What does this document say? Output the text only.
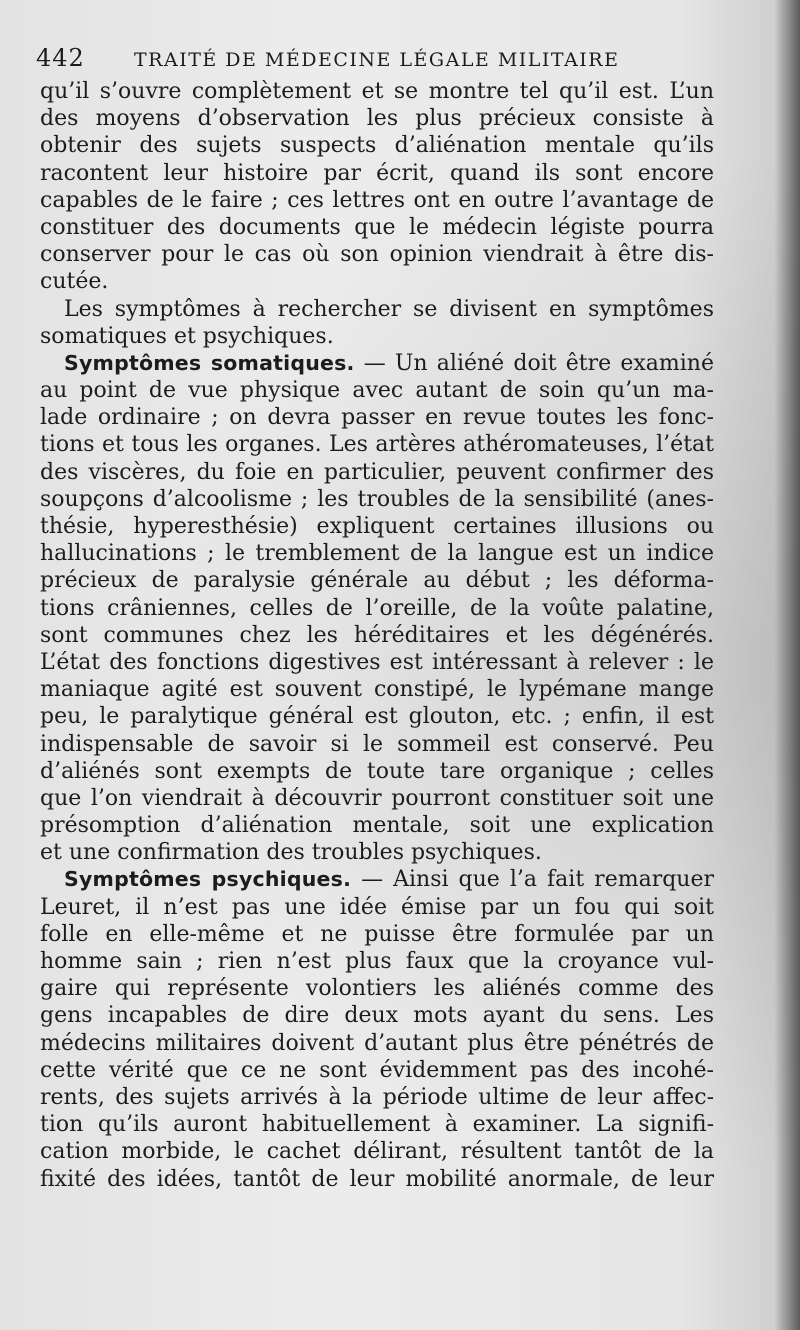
442	TRAITÉ DE MÉDECINE LÉGALE MILITAIRE
qu’il s’ouvre complètement et se montre tel qu’il est. L’un
des moyens d’observation les plus précieux consiste à
obtenir des sujets suspects d’aliénation mentale qu’ils
racontent leur histoire par écrit, quand ils sont encore
capables de le faire ; ces lettres ont en outre l’avantage de
constituer des documents que le médecin légiste pourra
conserver pour le cas où son opinion viendrait à être dis-
cutée.
Les symptômes à rechercher se divisent en symptômes
somatiques et psychiques.
Symptômes somatiques. — Un aliéné doit être examiné
au point de vue physique avec autant de soin qu’un ma-
lade ordinaire ; on devra passer en revue toutes les fonc-
tions et tous les organes. Les artères athéromateuses, l’état
des viscères, du foie en particulier, peuvent confirmer des
soupçons d’alcoolisme ; les troubles de la sensibilité (anes-
thésie, hyperesthésie) expliquent certaines illusions ou
hallucinations ; le tremblement de la langue est un indice
précieux de paralysie générale au début ; les déforma-
tions crâniennes, celles de l’oreille, de la voûte palatine,
sont communes chez les héréditaires et les dégénérés.
L’état des fonctions digestives est intéressant à relever : le
maniaque agité est souvent constipé, le lypémane mange
peu, le paralytique général est glouton, etc. ; enfin, il est
indispensable de savoir si le sommeil est conservé. Peu
d’aliénés sont exempts de toute tare organique ; celles
que l’on viendrait à découvrir pourront constituer soit une
présomption d’aliénation mentale, soit une explication
et une confirmation des troubles psychiques.
Symptômes psychiques. — Ainsi que l’a fait remarquer
Leuret, il n’est pas une idée émise par un fou qui soit
folle en elle-même et ne puisse être formulée par un
homme sain ; rien n’est plus faux que la croyance vul-
gaire qui représente volontiers les aliénés comme des
gens incapables de dire deux mots ayant du sens. Les
médecins militaires doivent d’autant plus être pénétrés de
cette vérité que ce ne sont évidemment pas des incohé-
rents, des sujets arrivés à la période ultime de leur affec-
tion qu’ils auront habituellement à examiner. La signifi-
cation morbide, le cachet délirant, résultent tantôt de la
fixité des idées, tantôt de leur mobilité anormale, de leur
